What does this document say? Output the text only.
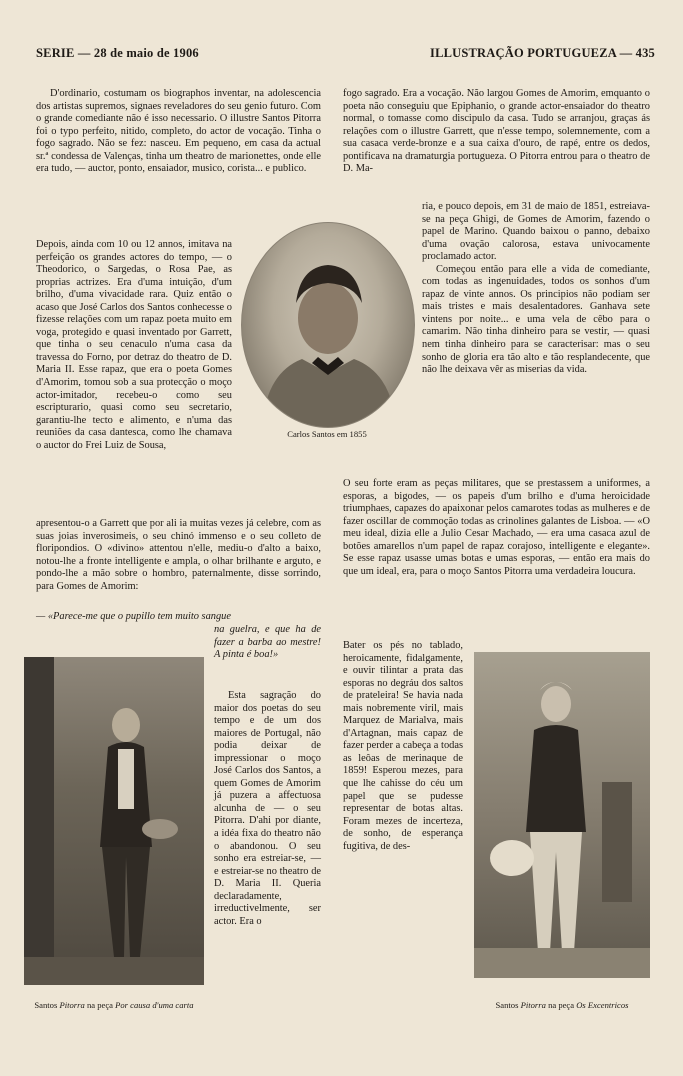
SERIE — 28 de maio de 1906	ILLUSTRAÇÃO PORTUGUEZA — 435

D'ordinario, costumam os biographos inventar, na adolescencia dos artistas supremos, signaes reveladores do seu genio futuro. Com o grande comediante não é isso necessario. O illustre Santos Pitorra foi o typo perfeito, nitido, completo, do actor de vocação. Tinha o fogo sagrado. Não se fez: nasceu. Em pequeno, em casa da actual sr.ª condessa de Valenças, tinha um theatro de marionettes, onde elle era tudo, — auctor, ponto, ensaiador, musico, corista... e publico.

Depois, ainda com 10 ou 12 annos, imitava na perfeição os grandes actores do tempo, — o Theodorico, o Sargedas, o Rosa Pae, as proprias actrizes. Era d'uma intuição, d'um brilho, d'uma vivacidade rara. Quiz então o acaso que José Carlos dos Santos conhecesse o fizesse relações com um rapaz poeta muito em voga, protegido e quasi inventado por Garrett, que tinha o seu cenaculo n'uma casa da travessa do Forno, por detraz do theatro de D. Maria II. Esse rapaz, que era o poeta Gomes d'Amorim, tomou sob a sua protecção o moço actor-imitador, recebeu-o como seu escripturario, quasi como seu secretario, garantiu-lhe tecto e alimento, e n'uma das reuniões da casa dantesca, como lhe chamava o auctor do Frei Luiz de Sousa,

apresentou-o a Garrett que por ali ia muitas vezes já celebre, com as suas joias inverosimeis, o seu chinó immenso e o seu colleto de floripondios. O «divino» attentou n'elle, mediu-o d'alto a baixo, notou-lhe a fronte intelligente e ampla, o olhar brilhante e arguto, e pondo-lhe a mão sobre o hombro, paternalmente, disse sorrindo, para Gomes de Amorim:

— «Parece-me que o pupillo tem muito sangue

na guelra, e que ha de fazer a barba ao mestre! A pinta é boa!»

Esta sagração do maior dos poetas do seu tempo e de um dos maiores de Portugal, não podia deixar de impressionar o moço José Carlos dos Santos, a quem Gomes de Amorim já puzera a affectuosa alcunha de — o seu Pitorra. D'ahi por diante, a idéa fixa do theatro não o abandonou. O seu sonho era estreiar-se, — e estreiar-se no theatro de D. Maria II. Queria declaradamente, irreductivelmente, ser actor. Era o

fogo sagrado. Era a vocação. Não largou Gomes de Amorim, emquanto o poeta não conseguiu que Epiphanio, o grande actor-ensaiador do theatro normal, o tomasse como discipulo da casa. Tudo se arranjou, graças ás relações com o illustre Garrett, que n'esse tempo, solemnemente, com a sua casaca verde-bronze e a sua caixa d'ouro, de rapé, entre os dedos, pontificava na dramaturgia portugueza. O Pitorra entrou para o theatro de D. Ma-

ria, e pouco depois, em 31 de maio de 1851, estreiava-se na peça Ghigi, de Gomes de Amorim, fazendo o papel de Marino. Quando baixou o panno, debaixo d'uma ovação calorosa, estava univocamente proclamado actor.

Começou então para elle a vida de comediante, com todas as ingenuidades, todos os sonhos d'um rapaz de vinte annos. Os principios não podiam ser mais tristes e mais desalentadores. Ganhava sete vintens por noite... e uma vela de cêbo para o camarim. Não tinha dinheiro para se vestir, — quasi nem tinha dinheiro para se caracterisar: mas o seu sonho de gloria era tão alto e tão resplandecente, que não lhe deixava vêr as miserias da vida.

O seu forte eram as peças militares, que se prestassem a uniformes, a esporas, a bigodes, — os papeis d'um brilho e d'uma heroicidade triumphaes, capazes do apaixonar pelos camarotes todas as mulheres e de fazer oscillar de commoção todas as crinolines galantes de Lisboa. — «O meu ideal, dizia elle a Julio Cesar Machado, — era uma casaca azul de botões amarellos n'um papel de rapaz corajoso, intelligente e elegante». Se esse rapaz usasse umas botas e umas esporas, — então era mais do que um ideal, era, para o moço Santos Pitorra uma verdadeira loucura.

Bater os pés no tablado, heroicamente, fidalgamente, e ouvir tilintar a prata das esporas no degráu dos saltos de prateleira! Se havia nada mais nobremente viril, mais Marquez de Marialva, mais d'Artagnan, mais capaz de fazer perder a cabeça a todas as leôas de merinaque de 1859! Esperou mezes, para que lhe cahisse do céu um papel que se pudesse representar de botas altas. Foram mezes de incerteza, de sonho, de esperança fugitiva, de des-

Carlos Santos em 1855
Santos Pitorra na peça Por causa d'uma carta	Santos Pitorra na peça Os Excentricos
